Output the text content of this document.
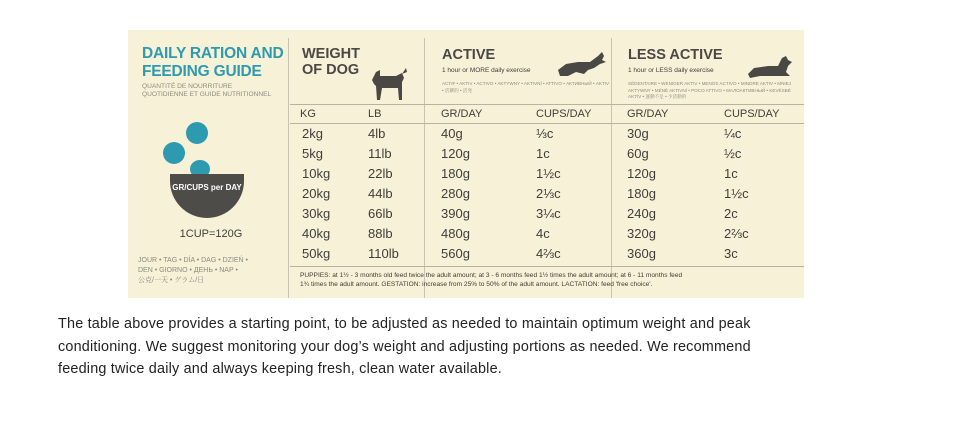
DAILY RATION AND
FEEDING GUIDE
QUANTITÉ DE NOURRITURE
QUOTIDIENNE ET GUIDE NUTRITIONNEL
GR/CUPS per DAY
1CUP=120G
JOUR • TAG • DÍA • DAG • DZIEŃ •
DEN • GIORNO • ДЕНЬ • NAP •
公克/一天 • グラム/日
WEIGHT
OF DOG
ACTIVE
1 hour or MORE daily exercise
ACTIF • AKTIV • ACTIVO • AKTYWNY • AKTIVNÍ • ATTIVO • АКТИВНЫЙ • AKTIV • 活躍的 • 活発
LESS ACTIVE
1 hour or LESS daily exercise
SÉDENTAIRE • WENIGER AKTIV • MENOS ACTIVO • MINDRE AKTIV • MNIEJ AKTYWNY • MÉNĚ AKTIVNÍ • POCO ATTIVO • МАЛОАКТИВНЫЙ • KEVÉSBÉ AKTÍV • 運動不足 • 少活動的
KG	LB	GR/DAY	CUPS/DAY	GR/DAY	CUPS/DAY
2kg	4lb	40g	⅓c	30g	¼c
5kg	11lb	120g	1c	60g	½c
10kg	22lb	180g	1½c	120g	1c
20kg	44lb	280g	2⅓c	180g	1½c
30kg	66lb	390g	3¼c	240g	2c
40kg	88lb	480g	4c	320g	2⅔c
50kg	110lb	560g	4⅔c	360g	3c
PUPPIES: at 1½ - 3 months old feed twice the adult amount; at 3 - 6 months feed 1½ times the adult amount; at 6 - 11 months feed
1¾ times the adult amount. GESTATION: increase from 25% to 50% of the adult amount. LACTATION: feed 'free choice'.
The table above provides a starting point, to be adjusted as needed to maintain optimum weight and peak
conditioning. We suggest monitoring your dog’s weight and adjusting portions as needed. We recommend
feeding twice daily and always keeping fresh, clean water available.
